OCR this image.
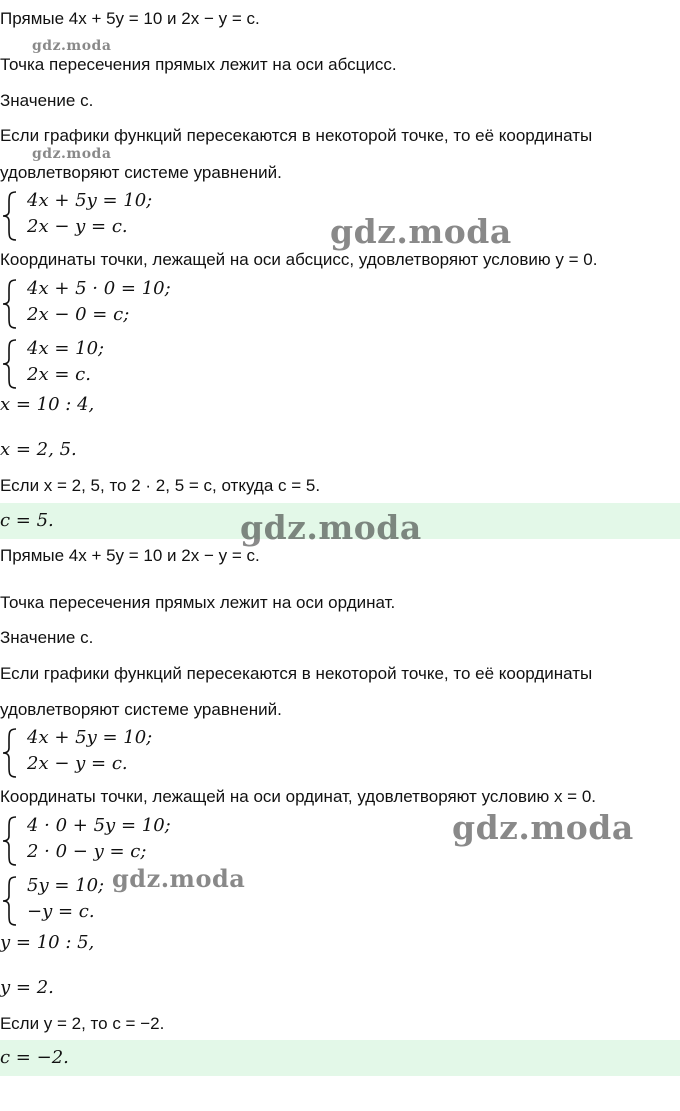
Прямые 4x + 5y = 10 и 2x − y = c.
Точка пересечения прямых лежит на оси абсцисс.
Значение c.
Если графики функций пересекаются в некоторой точке, то её координаты
удовлетворяют системе уравнений.
4x + 5y = 10;
2x − y = c.
Координаты точки, лежащей на оси абсцисс, удовлетворяют условию y = 0.
4x + 5 · 0 = 10;
2x − 0 = c;
4x = 10;
2x = c.
x = 10 : 4,
x = 2, 5.
Если x = 2, 5, то 2 · 2, 5 = c, откуда c = 5.
c = 5.
Прямые 4x + 5y = 10 и 2x − y = c.
Точка пересечения прямых лежит на оси ординат.
Значение c.
Если графики функций пересекаются в некоторой точке, то её координаты
удовлетворяют системе уравнений.
4x + 5y = 10;
2x − y = c.
Координаты точки, лежащей на оси ординат, удовлетворяют условию x = 0.
4 · 0 + 5y = 10;
2 · 0 − y = c;
5y = 10;
−y = c.
y = 10 : 5,
y = 2.
Если y = 2, то c = −2.
c = −2.
gdz.moda
gdz.moda
gdz.moda
gdz.moda
gdz.moda
gdz.moda
